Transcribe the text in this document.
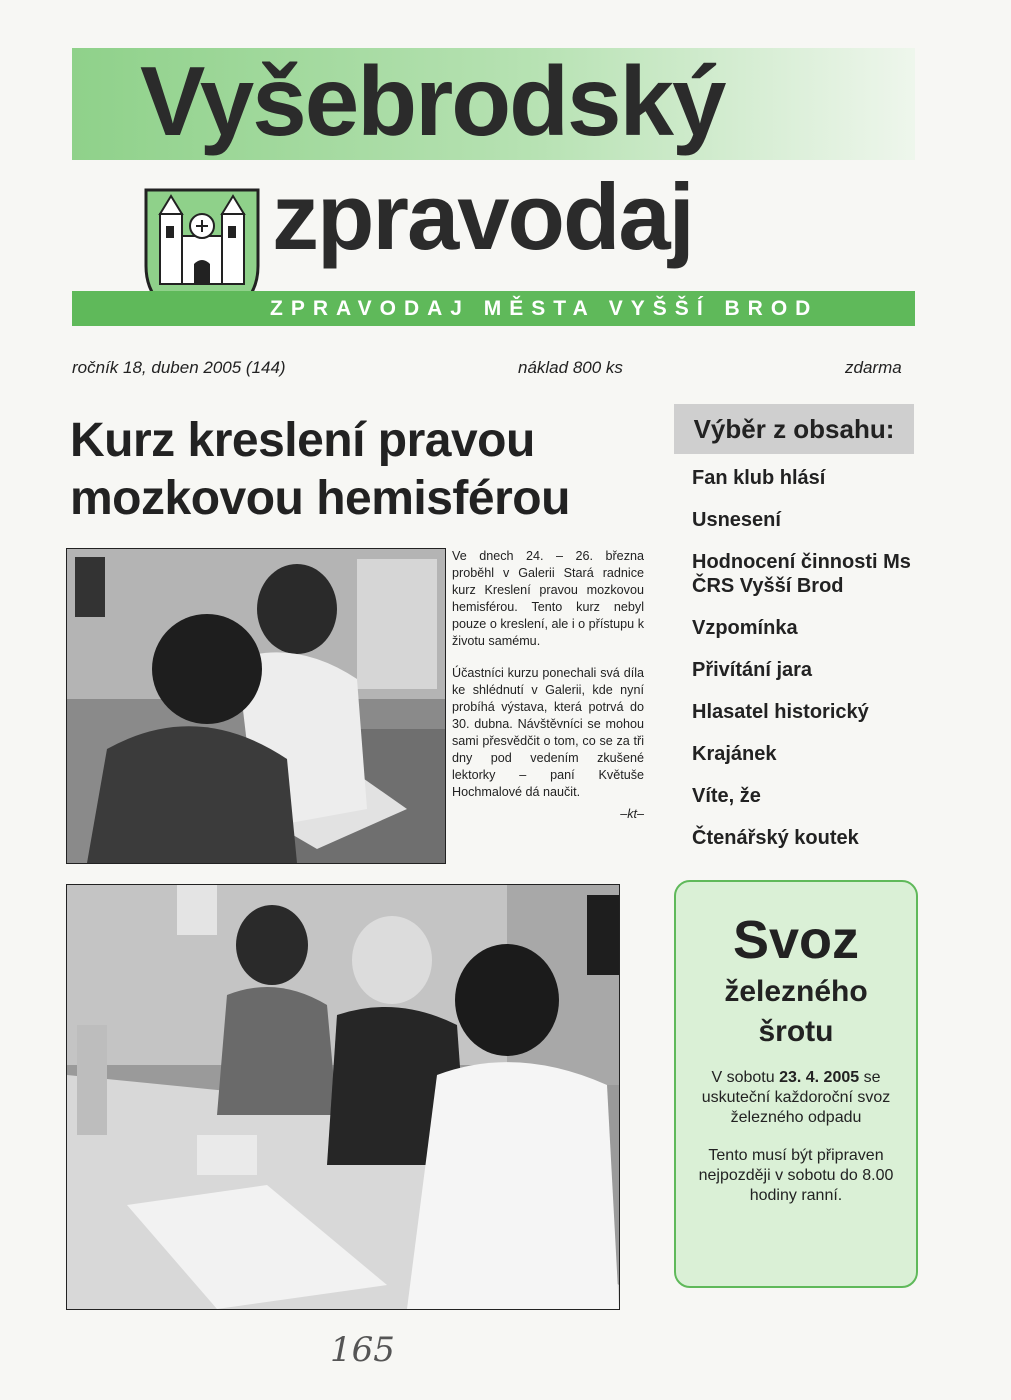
Vyšebrodský
zpravodaj
ZPRAVODAJ MĚSTA VYŠŠÍ BROD
ročník 18, duben 2005 (144)	náklad 800 ks	zdarma
Kurz kreslení pravou
mozkovou hemisférou

Ve dnech 24. – 26. března proběhl v Galerii Stará radnice kurz Kreslení pravou mozkovou hemisférou. Tento kurz nebyl pouze o kreslení, ale i o přístupu k životu samému.

Účastníci kurzu ponechali svá díla ke shlédnutí v Galerii, kde nyní probíhá výstava, která potrvá do 30. dubna. Návštěvníci se mohou sami přesvědčit o tom, co se za tři dny pod vedením zkušené lektorky – paní Květuše Hochmalové dá naučit.

–kt–
Výběr z obsahu:
Fan klub hlásí
Usnesení
Hodnocení činnosti Ms ČRS Vyšší Brod
Vzpomínka
Přivítání jara
Hlasatel historický
Krajánek
Víte, že
Čtenářský koutek
Svoz
železného
šrotu
V sobotu 23. 4. 2005 se uskuteční každoroční svoz železného odpadu
Tento musí být připraven nejpozději v sobotu do 8.00 hodiny ranní.
165
